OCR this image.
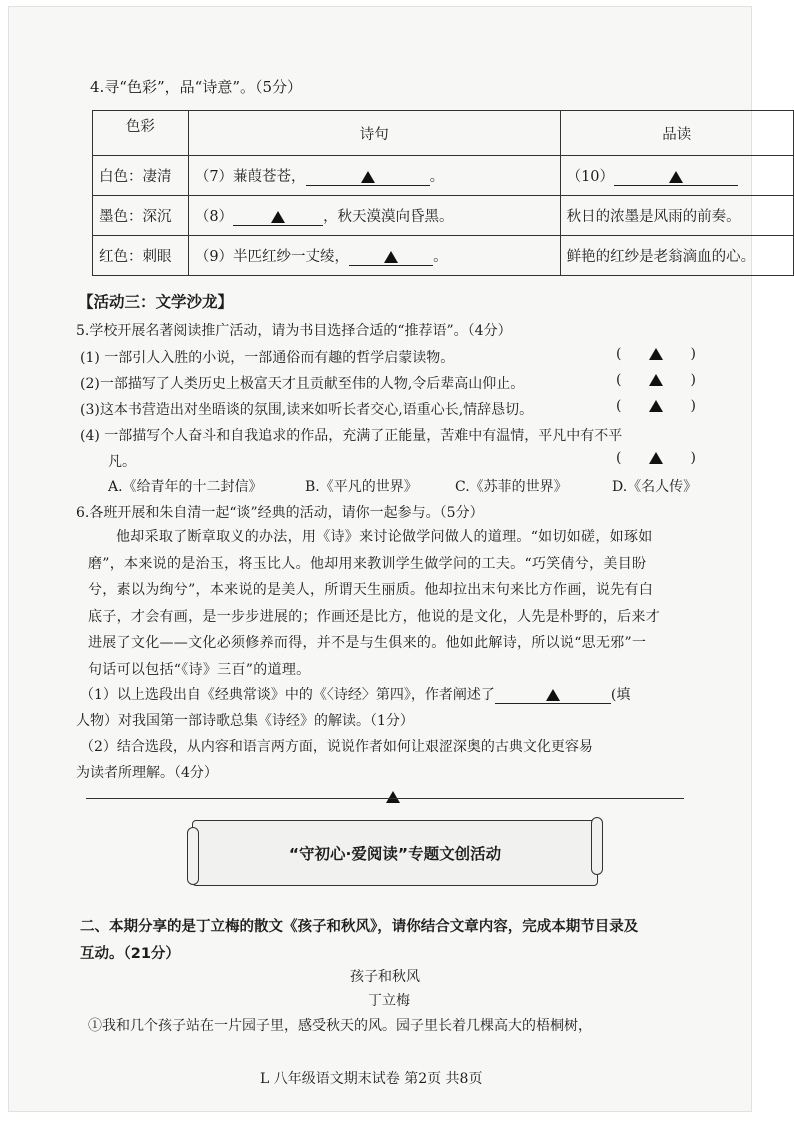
4.寻“色彩”，品“诗意”。（5分）
色彩	诗句	品读
白色：凄清	（7）蒹葭苍苍， 。	（10）
墨色：深沉	（8） ，秋天漠漠向昏黑。	秋日的浓墨是风雨的前奏。
红色：刺眼	（9）半匹红纱一丈绫， 。	鲜艳的红纱是老翁滴血的心。
【活动三：文学沙龙】
5.学校开展名著阅读推广活动，请为书目选择合适的“推荐语”。（4分）
(1) 一部引人入胜的小说，一部通俗而有趣的哲学启蒙读物。
(2)一部描写了人类历史上极富天才且贡献至伟的人物,令后辈高山仰止。
(3)这本书营造出对坐晤谈的氛围,读来如听长者交心,语重心长,情辞恳切。
(4) 一部描写个人奋斗和自我追求的作品，充满了正能量，苦难中有温情，平凡中有不平
凡。
(	)
(	)
(	)
(	)
A.《给青年的十二封信》	B.《平凡的世界》	C.《苏菲的世界》	D.《名人传》
6.各班开展和朱自清一起“谈”经典的活动，请你一起参与。（5分）
他却采取了断章取义的办法，用《诗》来讨论做学问做人的道理。“如切如磋，如琢如
磨”，本来说的是治玉，将玉比人。他却用来教训学生做学问的工夫。“巧笑倩兮，美目盼
兮，素以为绚兮”，本来说的是美人，所谓天生丽质。他却拉出末句来比方作画，说先有白
底子，才会有画，是一步步进展的；作画还是比方，他说的是文化，人先是朴野的，后来才
进展了文化——文化必须修养而得，并不是与生俱来的。他如此解诗，所以说“思无邪”一
句话可以包括“《诗》三百”的道理。
（1）以上选段出自《经典常谈》中的《〈诗经〉第四》，作者阐述了	(填
人物）对我国第一部诗歌总集《诗经》的解读。（1分）
（2）结合选段，从内容和语言两方面，说说作者如何让艰涩深奥的古典文化更容易
为读者所理解。（4分）
“守初心·爱阅读”专题文创活动
二、本期分享的是丁立梅的散文《孩子和秋风》，请你结合文章内容，完成本期节目录及
互动。（21分）
孩子和秋风
丁立梅
①我和几个孩子站在一片园子里，感受秋天的风。园子里长着几棵高大的梧桐树，
L 八年级语文期末试卷 第2页 共8页
